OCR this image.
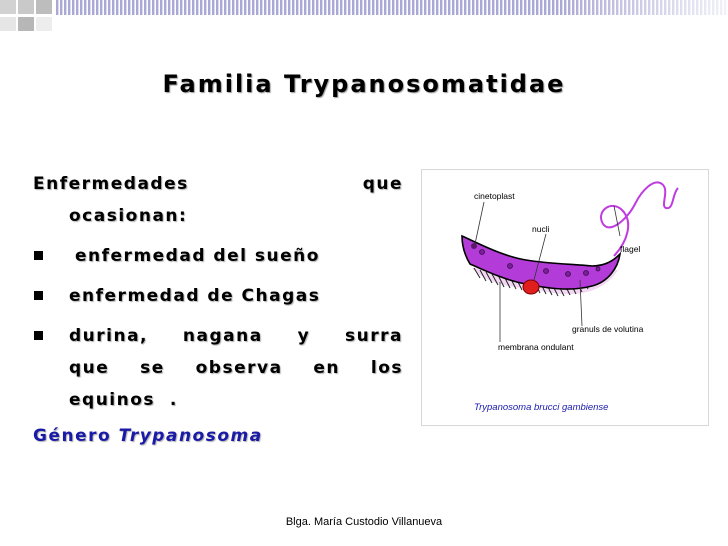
Familia Trypanosomatidae
Enfermedades	que
ocasionan:
enfermedad del sueño
enfermedad de Chagas
durina, nagana y surra
que se observa en los
equinos  .
Género Trypanosoma
cinetoplast
nucli
flagel
granuls de volutina
membrana ondulant
Trypanosoma brucci gambiense
Blga. María Custodio Villanueva
